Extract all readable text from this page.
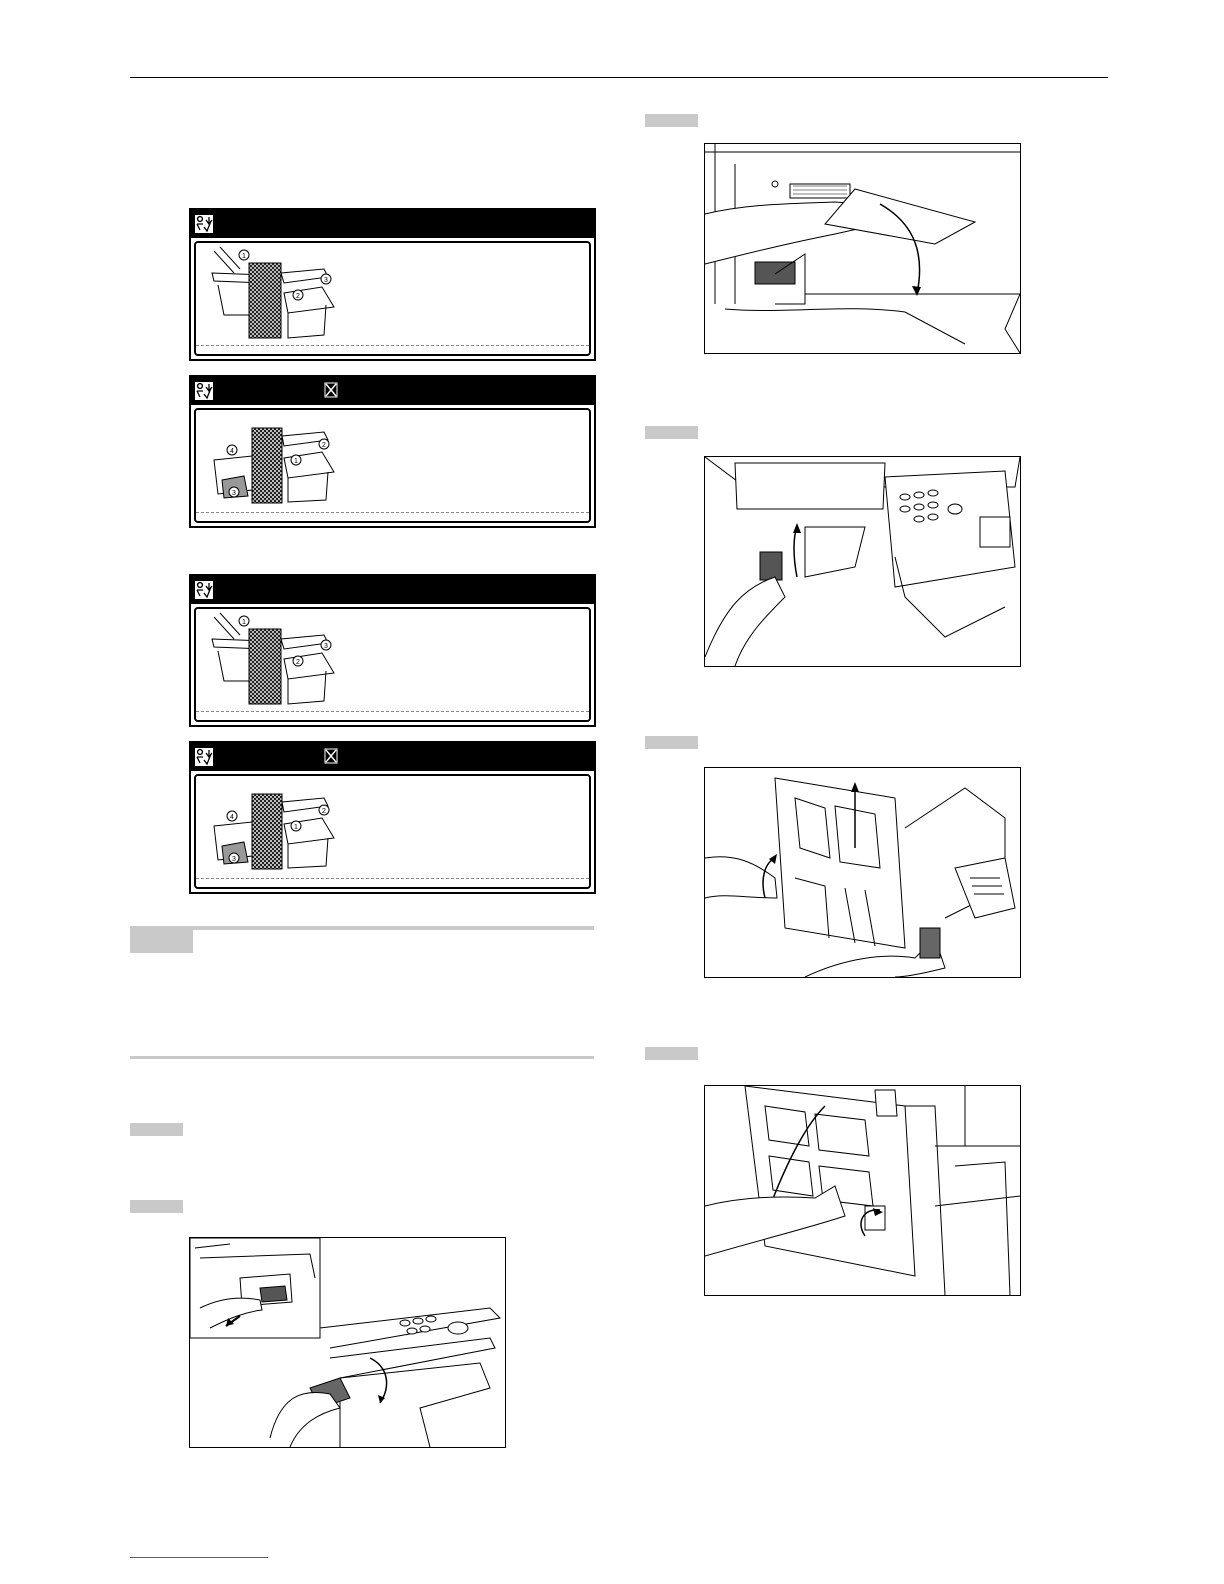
1
2
3
4
1
2
3
1
2
3
4
1
2
3
